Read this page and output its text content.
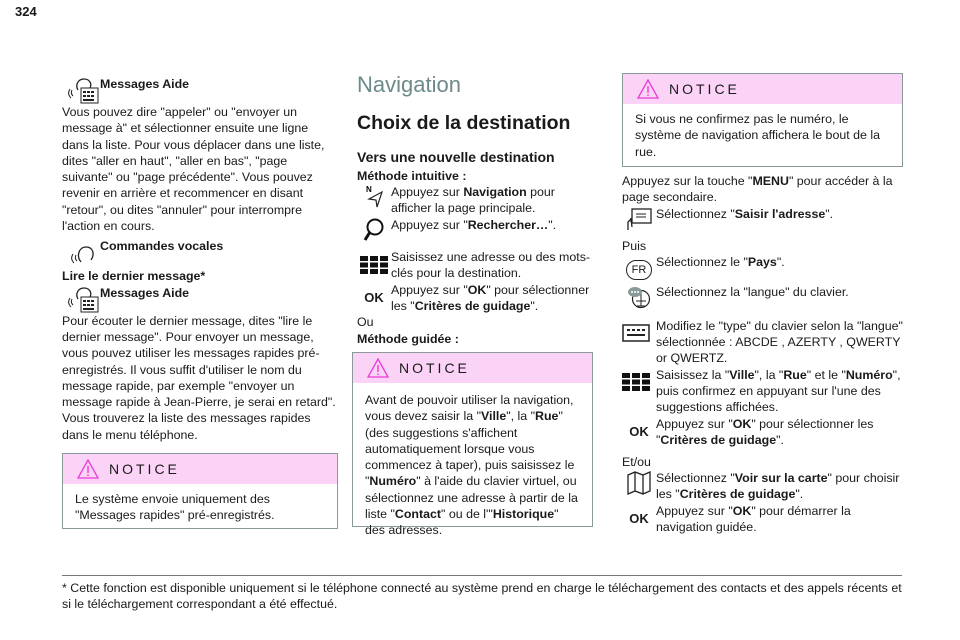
324
Messages Aide

Vous pouvez dire "appeler" ou "envoyer un message à" et sélectionner ensuite une ligne dans la liste. Pour vous déplacer dans une liste, dites "aller en haut", "aller en bas", "page suivante" ou "page précédente". Vous pouvez revenir en arrière et recommencer en disant "retour", ou dites "annuler" pour interrompre l'action en cours.

Commandes vocales
Lire le dernier message*
Messages Aide

Pour écouter le dernier message, dites "lire le dernier message". Pour envoyer un message, vous pouvez utiliser les messages rapides pré-enregistrés. Il vous suffit d'utiliser le nom du message rapide, par exemple "envoyer un message rapide à Jean-Pierre, je serai en retard". Vous trouverez la liste des messages rapides dans le menu téléphone.

NOTICE
Le système envoie uniquement des "Messages rapides" pré-enregistrés.
Navigation
Choix de la destination
Vers une nouvelle destination
Méthode intuitive :
N Appuyez sur Navigation pour afficher la page principale.
Appuyez sur "Rechercher…".
Saisissez une adresse ou des mots-clés pour la destination.
OK Appuyez sur "OK" pour sélectionner les "Critères de guidage".
Ou
Méthode guidée :
NOTICE
Avant de pouvoir utiliser la navigation, vous devez saisir la "Ville", la "Rue" (des suggestions s'affichent automatiquement lorsque vous commencez à taper), puis saisissez le "Numéro" à l'aide du clavier virtuel, ou sélectionnez une adresse à partir de la liste "Contact" ou de l'"Historique" des adresses.
NOTICE
Si vous ne confirmez pas le numéro, le système de navigation affichera le bout de la rue.
Appuyez sur la touche "MENU" pour accéder à la page secondaire.
Sélectionnez "Saisir l'adresse".
Puis
FR
Sélectionnez le "Pays".
Sélectionnez la "langue" du clavier.
Modifiez le "type" du clavier selon la "langue" sélectionnée : ABCDE , AZERTY , QWERTY or QWERTZ.
Saisissez la "Ville", la "Rue" et le "Numéro", puis confirmez en appuyant sur l'une des suggestions affichées.
OK Appuyez sur "OK" pour sélectionner les "Critères de guidage".
Et/ou
Sélectionnez "Voir sur la carte" pour choisir les "Critères de guidage".
OK Appuyez sur "OK" pour démarrer la navigation guidée.
* Cette fonction est disponible uniquement si le téléphone connecté au système prend en charge le téléchargement des contacts et des appels récents et si le téléchargement correspondant a été effectué.
